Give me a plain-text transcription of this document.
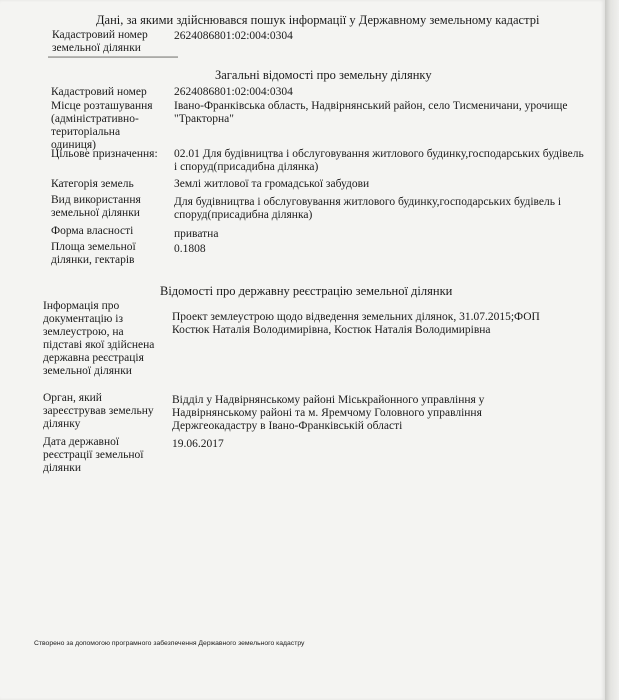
Дані, за якими здійснювався пошук інформації у Державному земельному кадастрі
Кадастровий номер земельної ділянки
2624086801:02:004:0304
Загальні відомості про земельну ділянку
Кадастровий номер 2624086801:02:004:0304
Місце розташування (адміністративно-територіальна одиниця)
Івано-Франківська область, Надвірнянський район, село Тисменичани, урочище "Тракторна"
Цільове призначення: 02.01 Для будівництва і обслуговування житлового будинку,господарських будівель і споруд(присадибна ділянка)
Категорія земель	Землі житлової та громадської забудови
Вид використання земельної ділянки
Для будівництва і обслуговування житлового будинку,господарських будівель і споруд(присадибна ділянка)
Форма власності	приватна
Площа земельної ділянки, гектарів
0.1808
Відомості про державну реєстрацію земельної ділянки
Інформація про документацію із землеустрою, на підставі якої здійснена державна реєстрація земельної ділянки
Проект землеустрою щодо відведення земельних ділянок, 31.07.2015;ФОП Костюк Наталія Володимирівна, Костюк Наталія Володимирівна
Орган, який зареєстрував земельну ділянку
Відділ у Надвірнянському районі Міськрайонного управління у Надвірнянському районі та м. Яремчому Головного управління Держгеокадастру в Івано-Франківській області
Дата державної реєстрації земельної ділянки
19.06.2017
Створено за допомогою програмного забезпечення Державного земельного кадастру
